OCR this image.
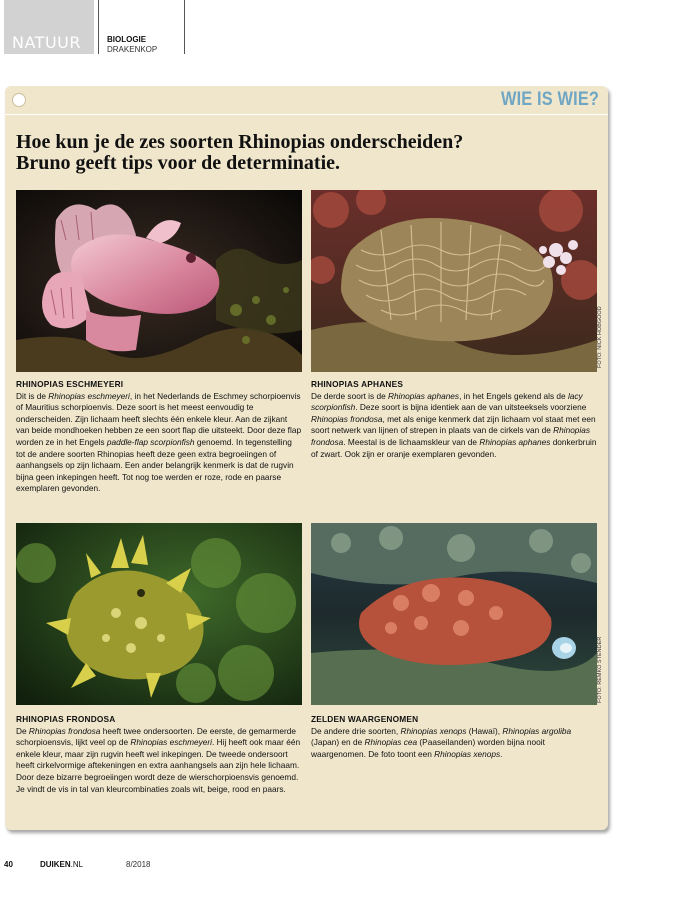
NATUUR	BIOLOGIE
DRAKENKOP
WIE IS WIE?
Hoe kun je de zes soorten Rhinopias onderscheiden?
Bruno geeft tips voor de determinatie.
FOTO: NICK HOBGOOD
RHINOPIAS ESCHMEYERI

Dit is de Rhinopias eschmeyeri, in het Nederlands de Eschmey schorpioenvis of Mauritius schorpioenvis. Deze soort is het meest eenvoudig te onderscheiden. Zijn lichaam heeft slechts één enkele kleur. Aan de zijkant van beide mondhoeken hebben ze een soort flap die uitsteekt. Door deze flap worden ze in het Engels paddle-flap scorpionfish genoemd. In tegenstelling tot de andere soorten Rhinopias heeft deze geen extra begroeiingen of aanhangsels op zijn lichaam. Een ander belangrijk kenmerk is dat de rugvin bijna geen inkepingen heeft. Tot nog toe werden er roze, rode en paarse exemplaren gevonden.

RHINOPIAS APHANES

De derde soort is de Rhinopias aphanes, in het Engels gekend als de lacy scorpionfish. Deze soort is bijna identiek aan de van uitsteeksels voorziene Rhinopias frondosa, met als enige kenmerk dat zijn lichaam vol staat met een soort netwerk van lijnen of strepen in plaats van de cirkels van de Rhinopias frondosa. Meestal is de lichaamskleur van de Rhinopias aphanes donkerbruin of zwart. Ook zijn er oranje exemplaren gevonden.

FOTO: REMKO STENDER
RHINOPIAS FRONDOSA

De Rhinopias frondosa heeft twee ondersoorten. De eerste, de gemarmerde schorpioensvis, lijkt veel op de Rhinopias eschmeyeri. Hij heeft ook maar één enkele kleur, maar zijn rugvin heeft wel inkepingen. De tweede ondersoort heeft cirkelvormige aftekeningen en extra aanhangsels aan zijn hele lichaam. Door deze bizarre begroeiingen wordt deze de wierschorpioensvis genoemd. Je vindt de vis in tal van kleurcombinaties zoals wit, beige, rood en paars.

ZELDEN WAARGENOMEN

De andere drie soorten, Rhinopias xenops (Hawaï), Rhinopias argoliba (Japan) en de Rhinopias cea (Paaseilanden) worden bijna nooit waargenomen. De foto toont een Rhinopias xenops.

40	DUIKEN.NL	8/2018
